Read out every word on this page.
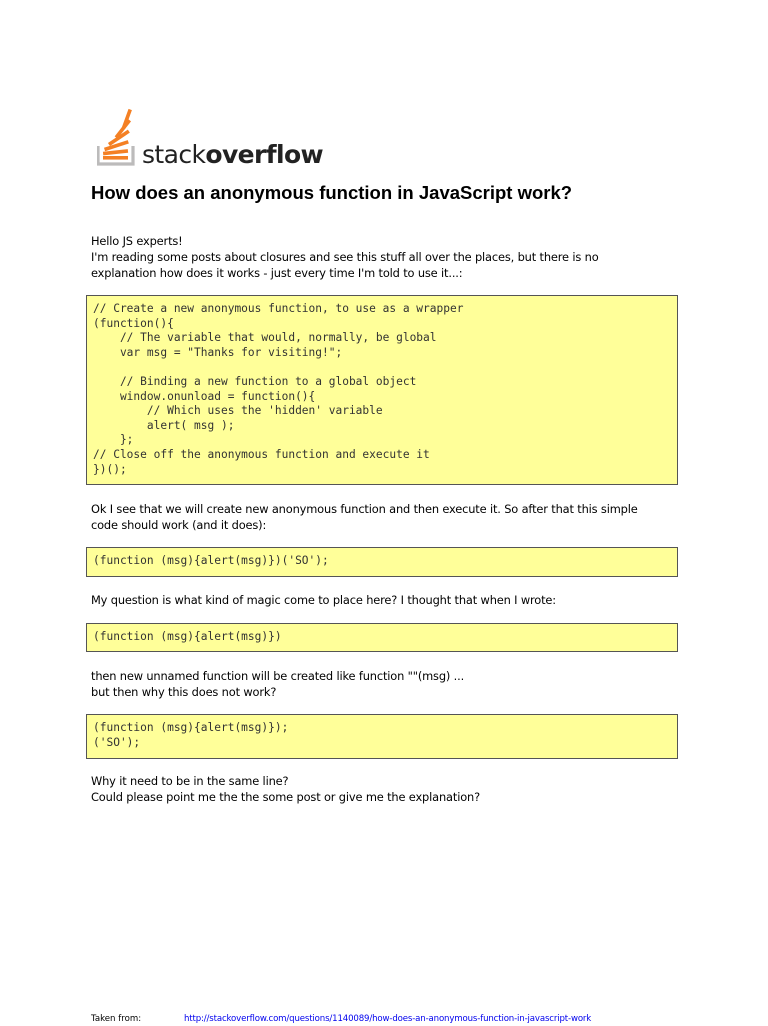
stackoverflow
How does an anonymous function in JavaScript work?
Hello JS experts!
I'm reading some posts about closures and see this stuff all over the places, but there is no
explanation how does it works - just every time I'm told to use it...:
// Create a new anonymous function, to use as a wrapper
(function(){
// The variable that would, normally, be global
var msg = "Thanks for visiting!";

// Binding a new function to a global object
window.onunload = function(){
// Which uses the 'hidden' variable
alert( msg );
};
// Close off the anonymous function and execute it
})();
Ok I see that we will create new anonymous function and then execute it. So after that this simple
code should work (and it does):
(function (msg){alert(msg)})('SO');
My question is what kind of magic come to place here? I thought that when I wrote:
(function (msg){alert(msg)})
then new unnamed function will be created like function ""(msg) ...
but then why this does not work?
(function (msg){alert(msg)});
('SO');
Why it need to be in the same line?
Could please point me the the some post or give me the explanation?
Taken from:	http://stackoverflow.com/questions/1140089/how-does-an-anonymous-function-in-javascript-work
